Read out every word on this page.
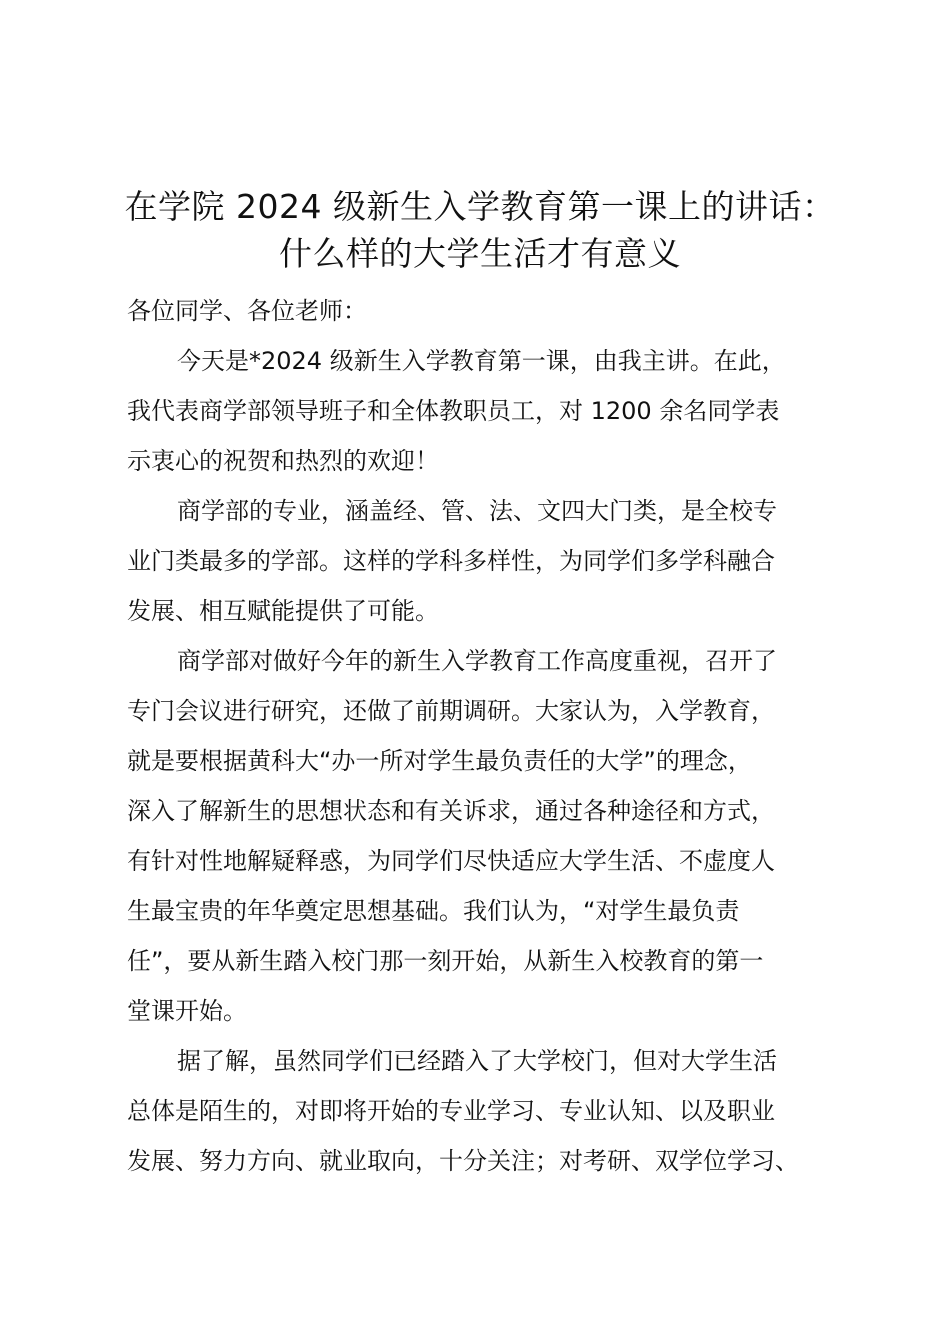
在学院 2024 级新生入学教育第一课上的讲话：
什么样的大学生活才有意义

各位同学、各位老师：

今天是*2024 级新生入学教育第一课，由我主讲。在此，
我代表商学部领导班子和全体教职员工，对 1200 余名同学表
示衷心的祝贺和热烈的欢迎！

商学部的专业，涵盖经、管、法、文四大门类，是全校专
业门类最多的学部。这样的学科多样性，为同学们多学科融合
发展、相互赋能提供了可能。

商学部对做好今年的新生入学教育工作高度重视，召开了
专门会议进行研究，还做了前期调研。大家认为，入学教育，
就是要根据黄科大“办一所对学生最负责任的大学”的理念，
深入了解新生的思想状态和有关诉求，通过各种途径和方式，
有针对性地解疑释惑，为同学们尽快适应大学生活、不虚度人
生最宝贵的年华奠定思想基础。我们认为，“对学生最负责
任”，要从新生踏入校门那一刻开始，从新生入校教育的第一
堂课开始。

据了解，虽然同学们已经踏入了大学校门，但对大学生活
总体是陌生的，对即将开始的专业学习、专业认知、以及职业
发展、努力方向、就业取向，十分关注；对考研、双学位学习、
